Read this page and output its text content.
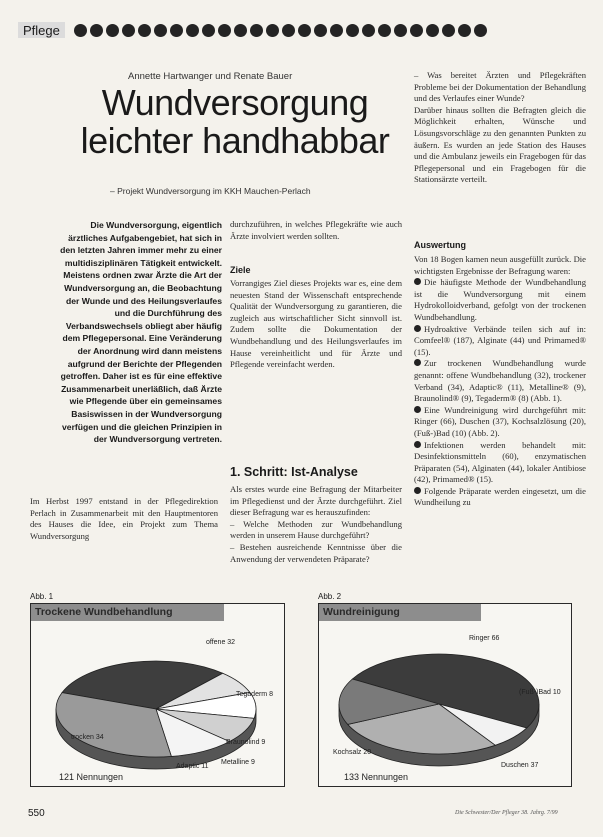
Pflege
Annette Hartwanger und Renate Bauer
Wundversorgung
leichter handhabbar
– Projekt Wundversorgung im KKH Mauchen-Perlach
Die Wundversorgung, eigentlich ärztliches Aufgabengebiet, hat sich in den letzten Jahren immer mehr zu einer multidisziplinären Tätigkeit entwickelt. Meistens ordnen zwar Ärzte die Art der Wundversorgung an, die Beobachtung der Wunde und des Heilungsverlaufes und die Durchführung des Verbandswechsels obliegt aber häufig dem Pflegepersonal. Eine Veränderung der Anordnung wird dann meistens aufgrund der Berichte der Pflegenden getroffen. Daher ist es für eine effektive Zusammenarbeit unerläßlich, daß Ärzte wie Pflegende über ein gemeinsames Basiswissen in der Wundversorgung verfügen und die gleichen Prinzipien in der Wundversorgung vertreten.
Im Herbst 1997 entstand in der Pflegedirektion Perlach in Zusammenarbeit mit den Hauptmentoren des Hauses die Idee, ein Projekt zum Thema Wundversorgung
durchzuführen, in welches Pflegekräfte wie auch Ärzte involviert werden sollten.
Ziele
Vorrangiges Ziel dieses Projekts war es, eine dem neuesten Stand der Wissenschaft entsprechende Qualität der Wundversorgung zu garantieren, die zugleich aus wirtschaftlicher Sicht sinnvoll ist. Zudem sollte die Dokumentation der Wundbehandlung und des Heilungsverlaufes im Hause vereinheitlicht und für Ärzte und Pflegende vereinfacht werden.
1. Schritt: Ist-Analyse

Als erstes wurde eine Befragung der Mitarbeiter im Pflegedienst und der Ärzte durchgeführt. Ziel dieser Befragung war es herauszufinden:

– Welche Methoden zur Wundbehandlung werden in unserem Hause durchgeführt?

– Bestehen ausreichende Kenntnisse über die Anwendung der verwendeten Präparate?

– Was bereitet Ärzten und Pflegekräften Probleme bei der Dokumentation der Behandlung und des Verlaufes einer Wunde?

Darüber hinaus sollten die Befragten gleich die Möglichkeit erhalten, Wünsche und Lösungsvorschläge zu den genannten Punkten zu äußern. Es wurden an jede Station des Hauses und die Ambulanz jeweils ein Fragebogen für das Pflegepersonal und ein Fragebogen für die Stationsärzte verteilt.

Auswertung

Von 18 Bogen kamen neun ausgefüllt zurück. Die wichtigsten Ergebnisse der Befragung waren:

Die häufigste Methode der Wundbehandlung ist die Wundversorgung mit einem Hydrokolloidverband, gefolgt von der trockenen Wundbehandlung.

Hydroaktive Verbände teilen sich auf in: Comfeel® (187), Alginate (44) und Primamed® (15).

Zur trockenen Wundbehandlung wurde genannt: offene Wundbehandlung (32), trockener Verband (34), Adaptic® (11), Metalline® (9), Braunolind® (9), Tegaderm® (8) (Abb. 1).

Eine Wundreinigung wird durchgeführt mit: Ringer (66), Duschen (37), Kochsalzlösung (20), (Fuß-)Bad (10) (Abb. 2).

Infektionen werden behandelt mit: Desinfektionsmitteln (60), enzymatischen Präparaten (54), Alginaten (44), lokaler Antibiose (42), Primamed® (15).

Folgende Präparate werden eingesetzt, um die Wundheilung zu

Abb. 1
Trockene Wundbehandlung
offene 32
Tegaderm 8
Braunolind 9
Metalline 9
Adaptic 11
trocken 34
121 Nennungen
Abb. 2
Wundreinigung
Ringer 66
(Fuß-)Bad 10
Duschen 37
Kochsalz 20
133 Nennungen
550	Die Schwester/Der Pfleger 38. Jahrg. 7/99
